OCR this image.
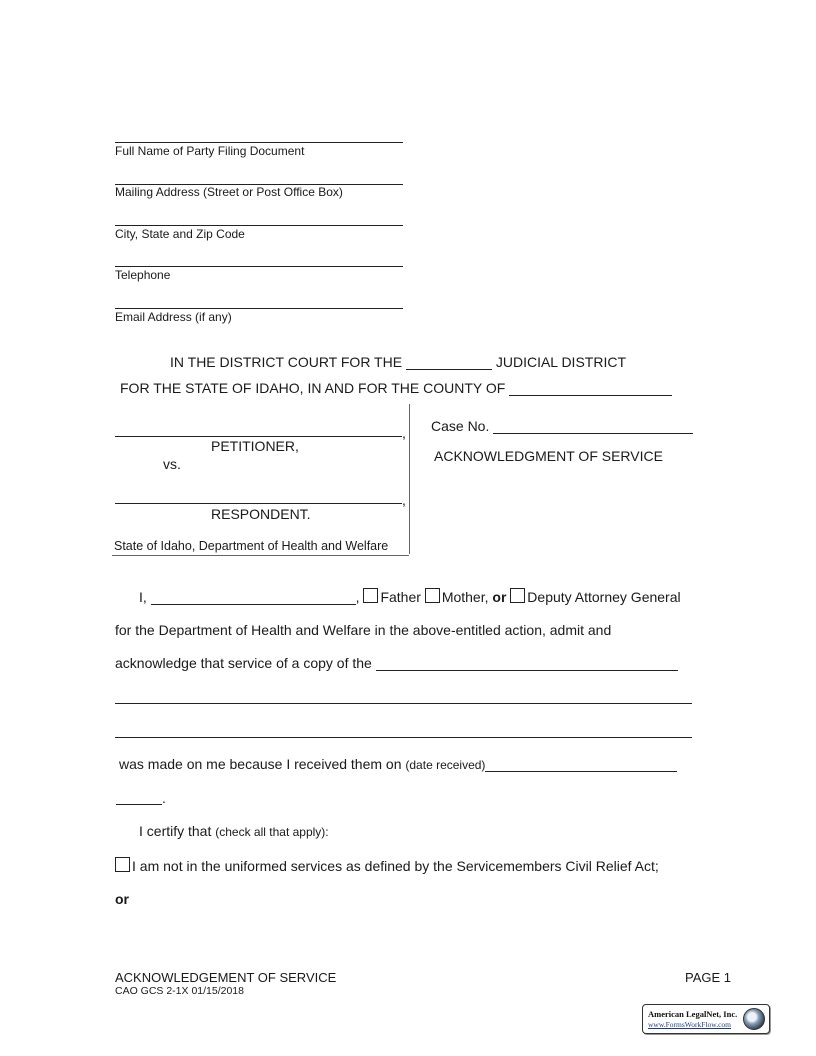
Full Name of Party Filing Document
Mailing Address (Street or Post Office Box)
City, State and Zip Code
Telephone
Email Address (if any)
IN THE DISTRICT COURT FOR THE	JUDICIAL DISTRICT
FOR THE STATE OF IDAHO, IN AND FOR THE COUNTY OF
,
PETITIONER,
vs.
,
RESPONDENT.
State of Idaho, Department of Health and Welfare
Case No.
ACKNOWLEDGMENT OF SERVICE
I,	, Father Mother, or Deputy Attorney General
for the Department of Health and Welfare in the above-entitled action, admit and
acknowledge that service of a copy of the
was made on me because I received them on (date received)
.
I certify that (check all that apply):
I am not in the uniformed services as defined by the Servicemembers Civil Relief Act;
or
ACKNOWLEDGEMENT OF SERVICE
CAO GCS 2-1X 01/15/2018
PAGE 1
American LegalNet, Inc.
www.FormsWorkFlow.com
